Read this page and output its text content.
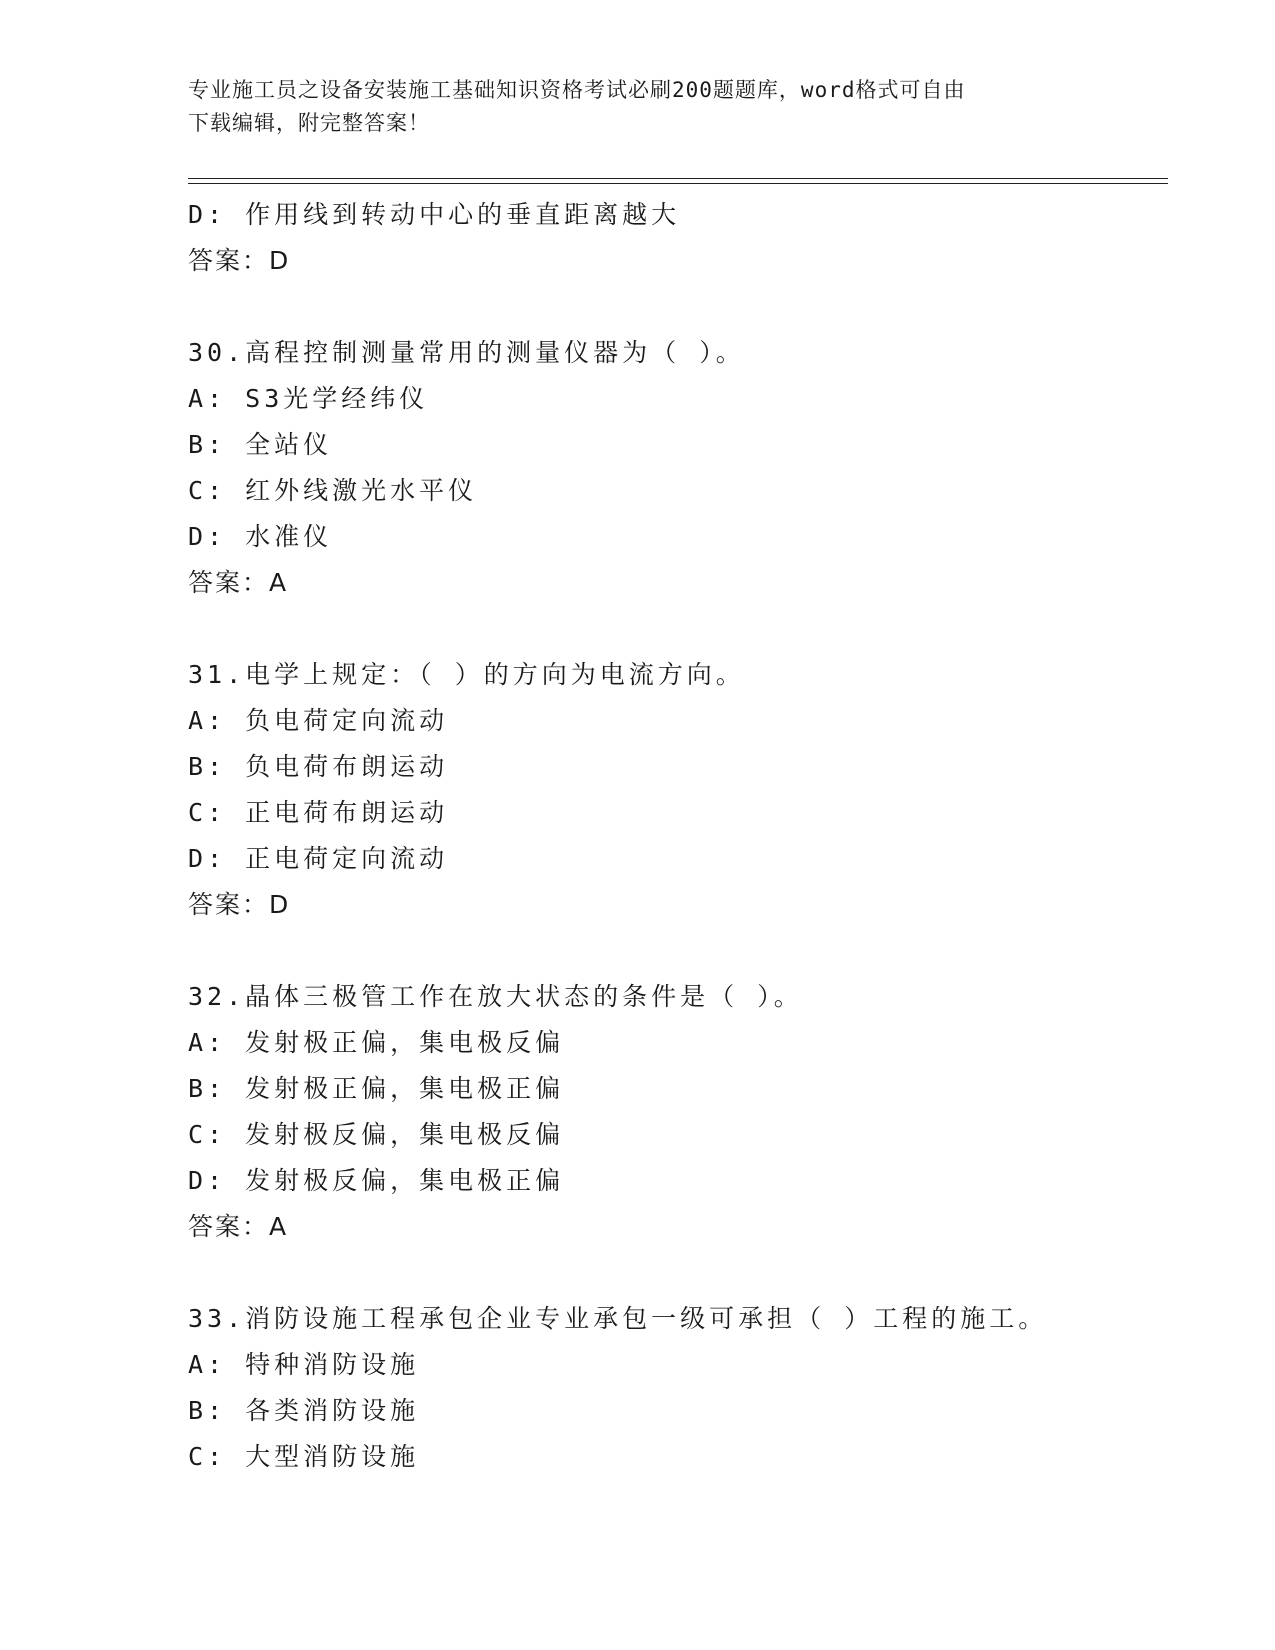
专业施工员之设备安装施工基础知识资格考试必刷200题题库，word格式可自由
下载编辑，附完整答案！
D: 作用线到转动中心的垂直距离越大
答案：D
30.高程控制测量常用的测量仪器为（ ）。
A: S3光学经纬仪
B: 全站仪
C: 红外线激光水平仪
D: 水准仪
答案：A
31.电学上规定：（ ）的方向为电流方向。
A: 负电荷定向流动
B: 负电荷布朗运动
C: 正电荷布朗运动
D: 正电荷定向流动
答案：D
32.晶体三极管工作在放大状态的条件是（ ）。
A: 发射极正偏，集电极反偏
B: 发射极正偏，集电极正偏
C: 发射极反偏，集电极反偏
D: 发射极反偏，集电极正偏
答案：A
33.消防设施工程承包企业专业承包一级可承担（ ）工程的施工。
A: 特种消防设施
B: 各类消防设施
C: 大型消防设施
